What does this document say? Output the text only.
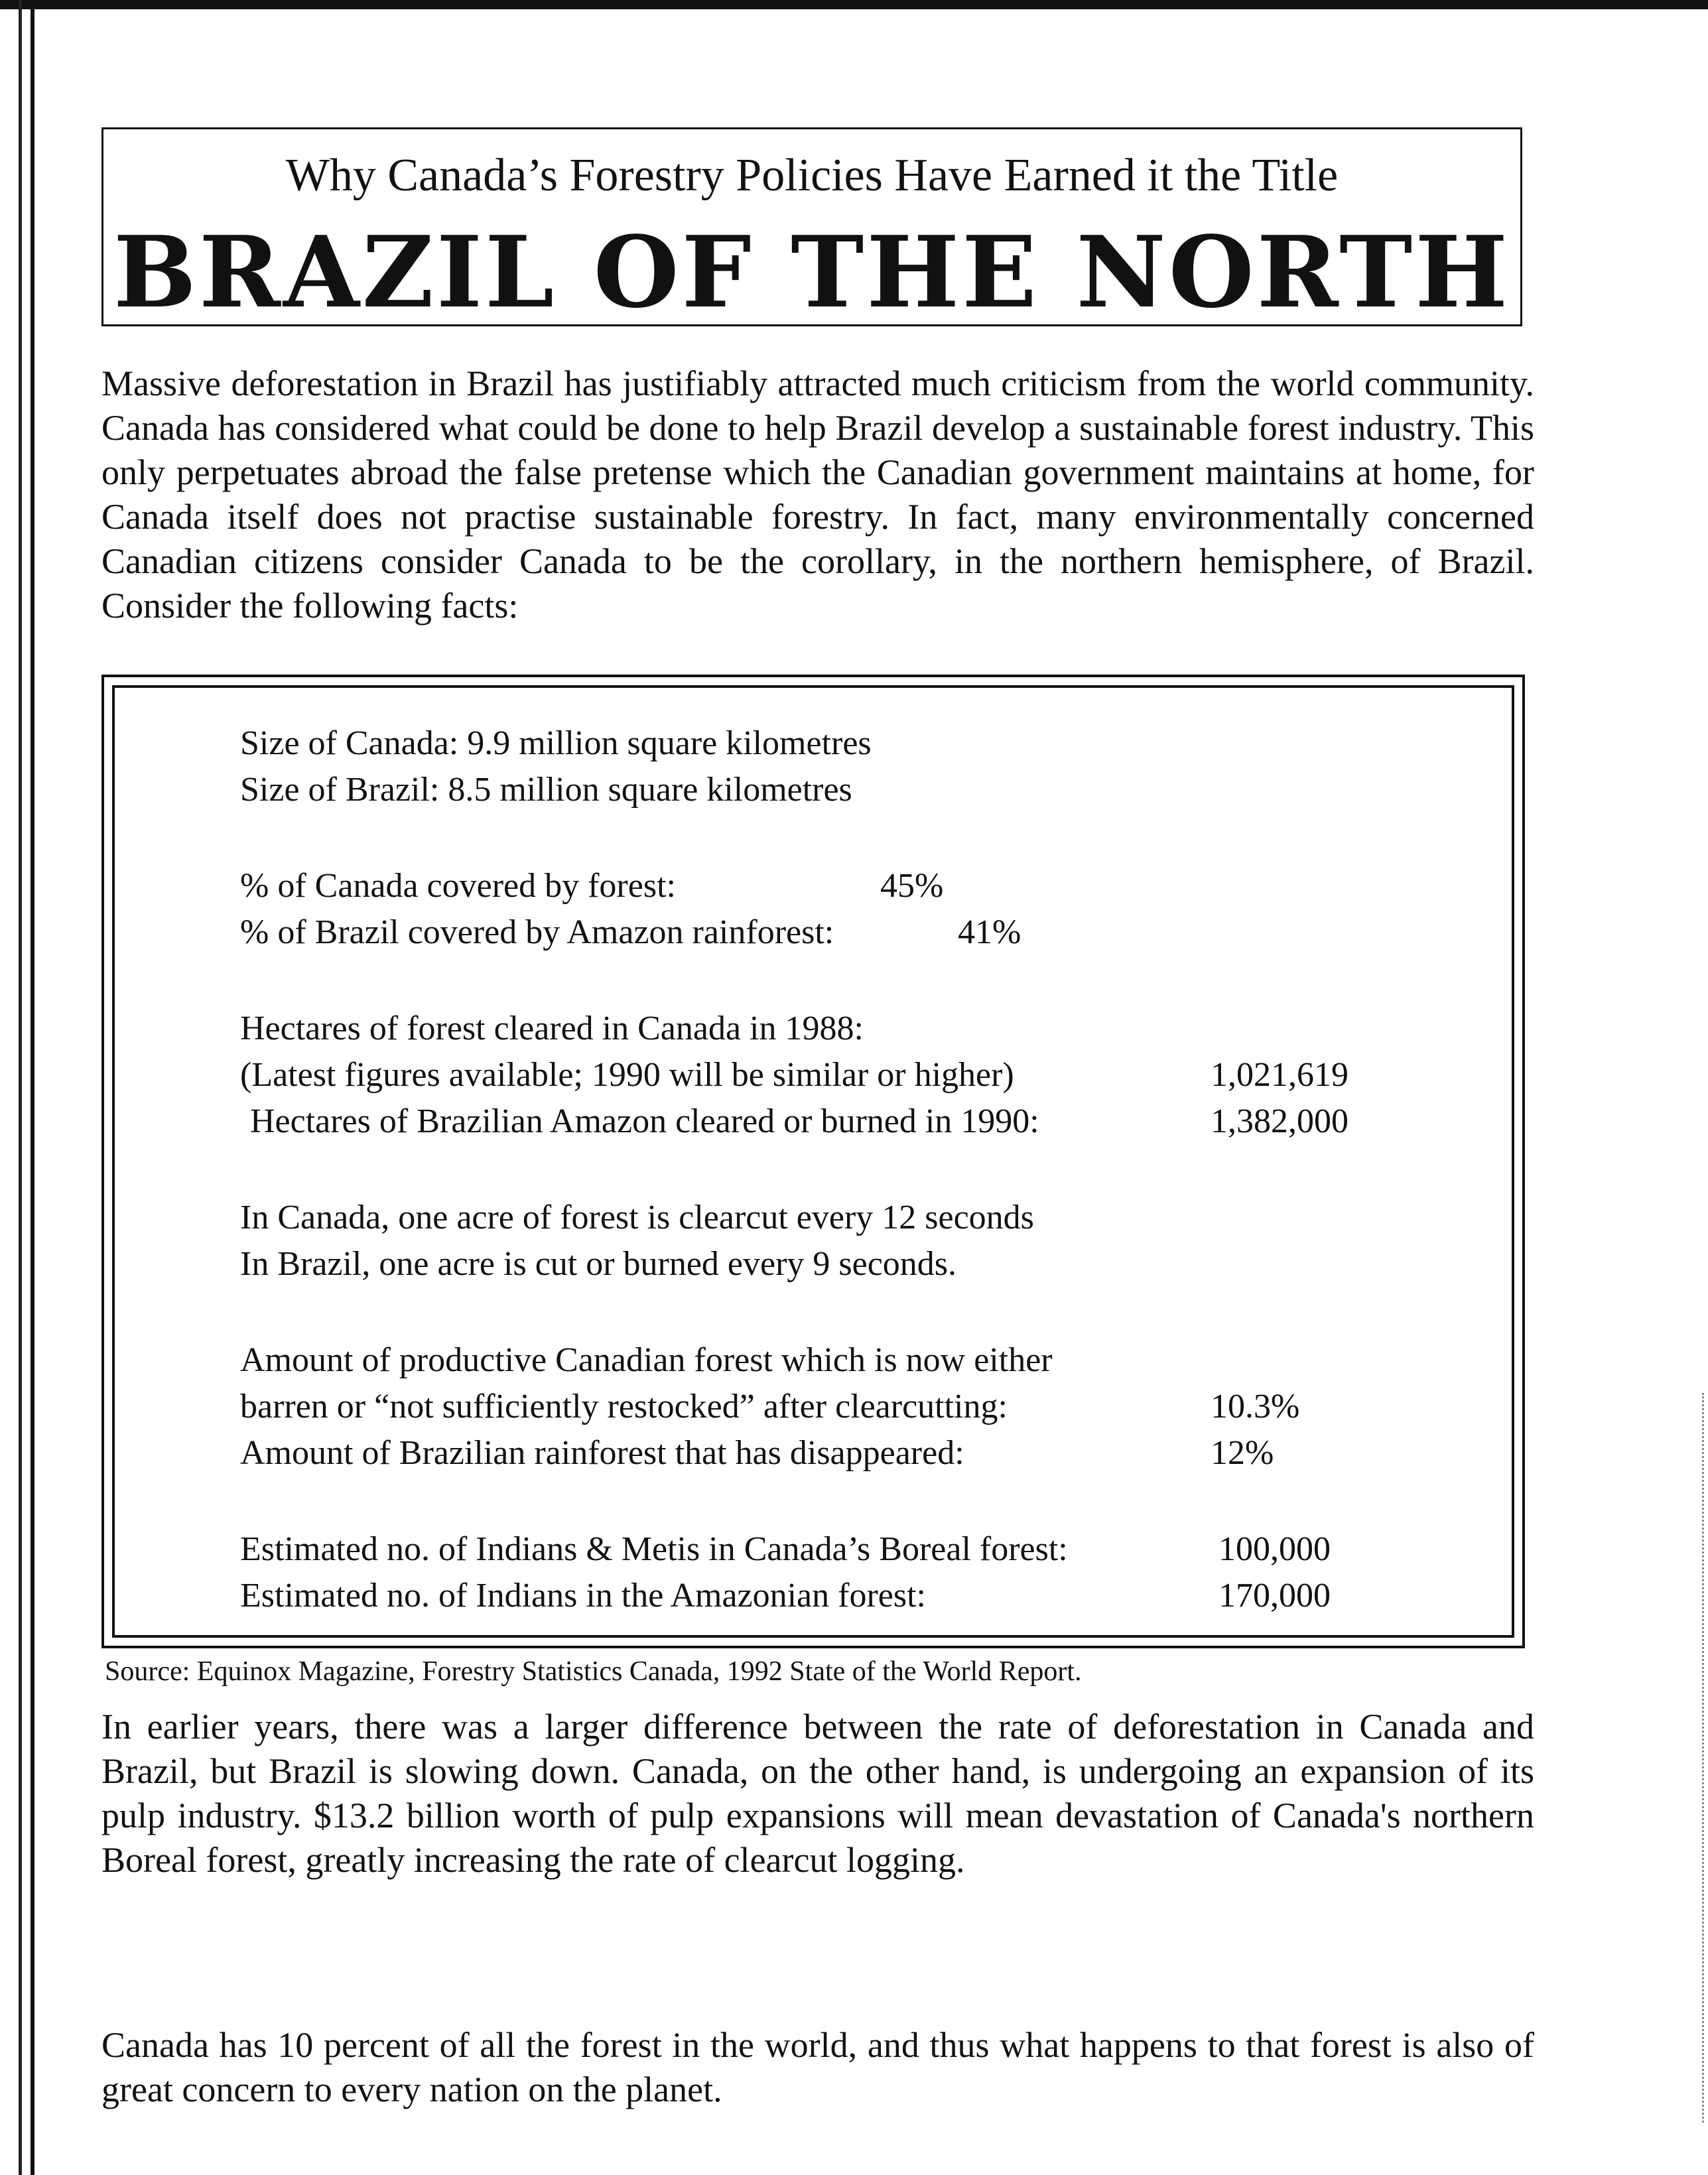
Why Canada’s Forestry Policies Have Earned it the Title
BRAZIL OF THE NORTH
Massive deforestation in Brazil has justifiably attracted much criticism from the world community. Canada has considered what could be done to help Brazil develop a sustainable forest industry. This only perpetuates abroad the false pretense which the Canadian government maintains at home, for Canada itself does not practise sustainable forestry. In fact, many environmentally concerned Canadian citizens consider Canada to be the corollary, in the northern hemisphere, of Brazil. Consider the following facts:
Size of Canada: 9.9 million square kilometres
Size of Brazil: 8.5 million square kilometres
% of Canada covered by forest:	45%
% of Brazil covered by Amazon rainforest:	41%
Hectares of forest cleared in Canada in 1988:
(Latest figures available; 1990 will be similar or higher)	1,021,619
Hectares of Brazilian Amazon cleared or burned in 1990:	1,382,000
In Canada, one acre of forest is clearcut every 12 seconds
In Brazil, one acre is cut or burned every 9 seconds.
Amount of productive Canadian forest which is now either
barren or “not sufficiently restocked” after clearcutting:	10.3%
Amount of Brazilian rainforest that has disappeared:	12%
Estimated no. of Indians & Metis in Canada’s Boreal forest:	100,000
Estimated no. of Indians in the Amazonian forest:	170,000
Source: Equinox Magazine, Forestry Statistics Canada, 1992 State of the World Report.
In earlier years, there was a larger difference between the rate of deforestation in Canada and Brazil, but Brazil is slowing down. Canada, on the other hand, is undergoing an expansion of its pulp industry. $13.2 billion worth of pulp expansions will mean devastation of Canada's northern Boreal forest, greatly increasing the rate of clearcut logging.
Canada has 10 percent of all the forest in the world, and thus what happens to that forest is also of great concern to every nation on the planet.
